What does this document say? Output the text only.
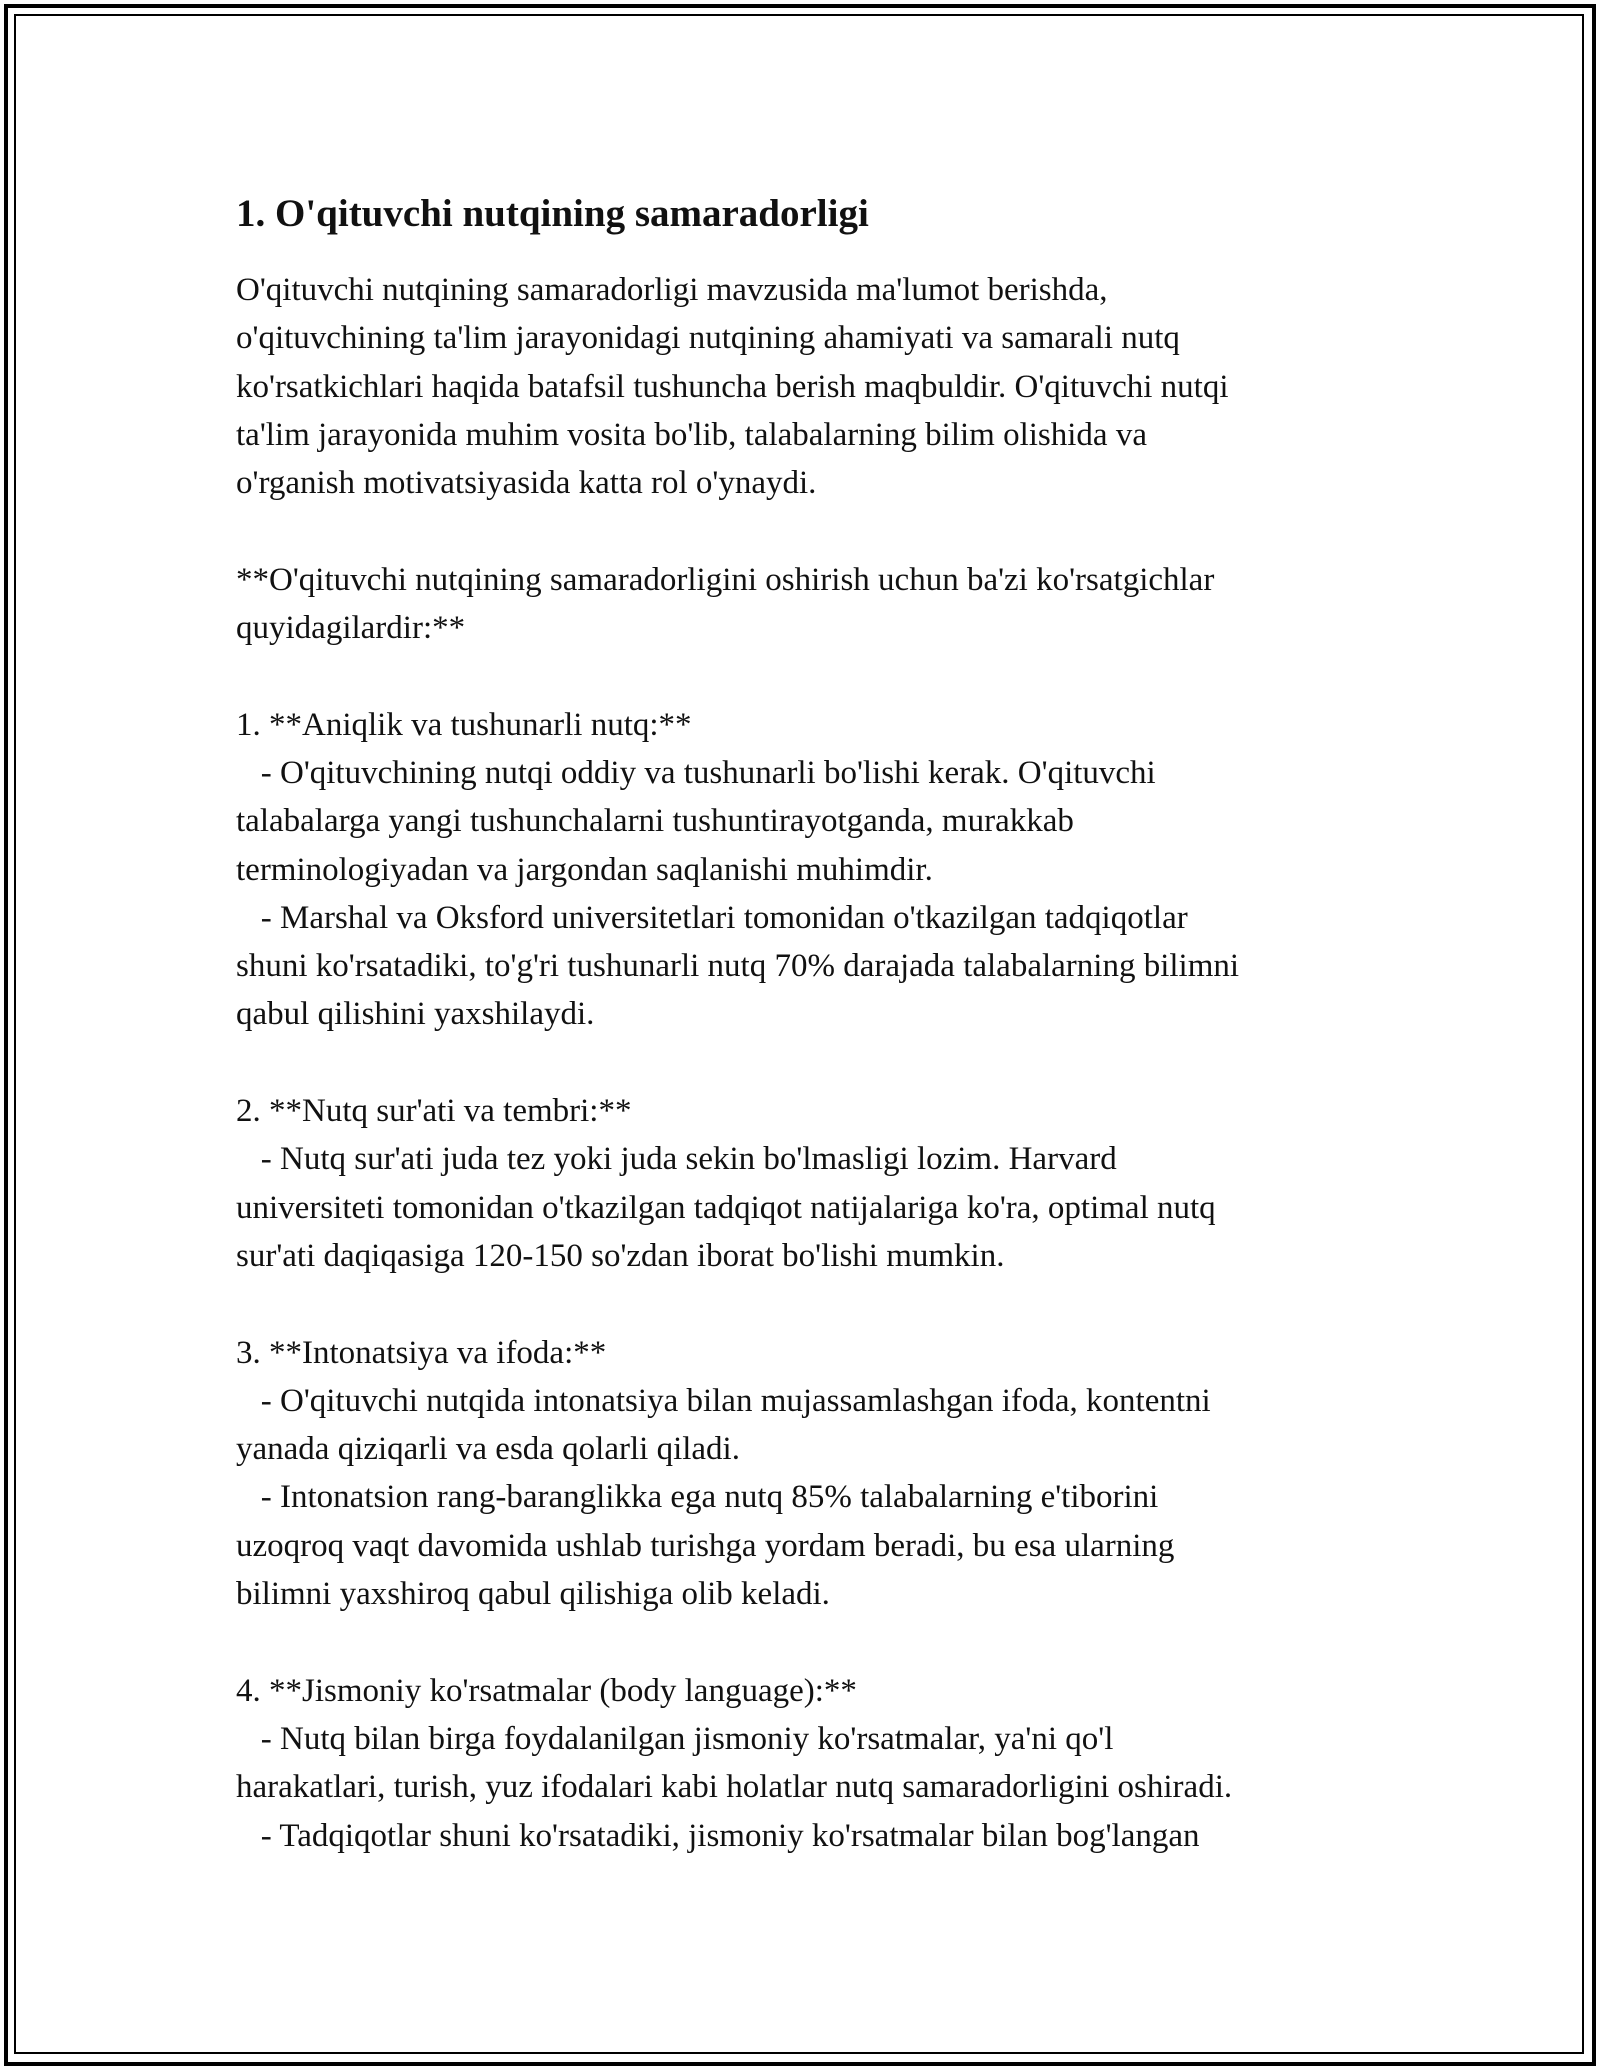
1. O'qituvchi nutqining samaradorligi
O'qituvchi nutqining samaradorligi mavzusida ma'lumot berishda,
o'qituvchining ta'lim jarayonidagi nutqining ahamiyati va samarali nutq
ko'rsatkichlari haqida batafsil tushuncha berish maqbuldir. O'qituvchi nutqi
ta'lim jarayonida muhim vosita bo'lib, talabalarning bilim olishida va
o'rganish motivatsiyasida katta rol o'ynaydi.
**O'qituvchi nutqining samaradorligini oshirish uchun ba'zi ko'rsatgichlar
quyidagilardir:**
1. **Aniqlik va tushunarli nutq:**
- O'qituvchining nutqi oddiy va tushunarli bo'lishi kerak. O'qituvchi
talabalarga yangi tushunchalarni tushuntirayotganda, murakkab
terminologiyadan va jargondan saqlanishi muhimdir.
- Marshal va Oksford universitetlari tomonidan o'tkazilgan tadqiqotlar
shuni ko'rsatadiki, to'g'ri tushunarli nutq 70% darajada talabalarning bilimni
qabul qilishini yaxshilaydi.
2. **Nutq sur'ati va tembri:**
- Nutq sur'ati juda tez yoki juda sekin bo'lmasligi lozim. Harvard
universiteti tomonidan o'tkazilgan tadqiqot natijalariga ko'ra, optimal nutq
sur'ati daqiqasiga 120-150 so'zdan iborat bo'lishi mumkin.
3. **Intonatsiya va ifoda:**
- O'qituvchi nutqida intonatsiya bilan mujassamlashgan ifoda, kontentni
yanada qiziqarli va esda qolarli qiladi.
- Intonatsion rang-baranglikka ega nutq 85% talabalarning e'tiborini
uzoqroq vaqt davomida ushlab turishga yordam beradi, bu esa ularning
bilimni yaxshiroq qabul qilishiga olib keladi.
4. **Jismoniy ko'rsatmalar (body language):**
- Nutq bilan birga foydalanilgan jismoniy ko'rsatmalar, ya'ni qo'l
harakatlari, turish, yuz ifodalari kabi holatlar nutq samaradorligini oshiradi.
- Tadqiqotlar shuni ko'rsatadiki, jismoniy ko'rsatmalar bilan bog'langan
